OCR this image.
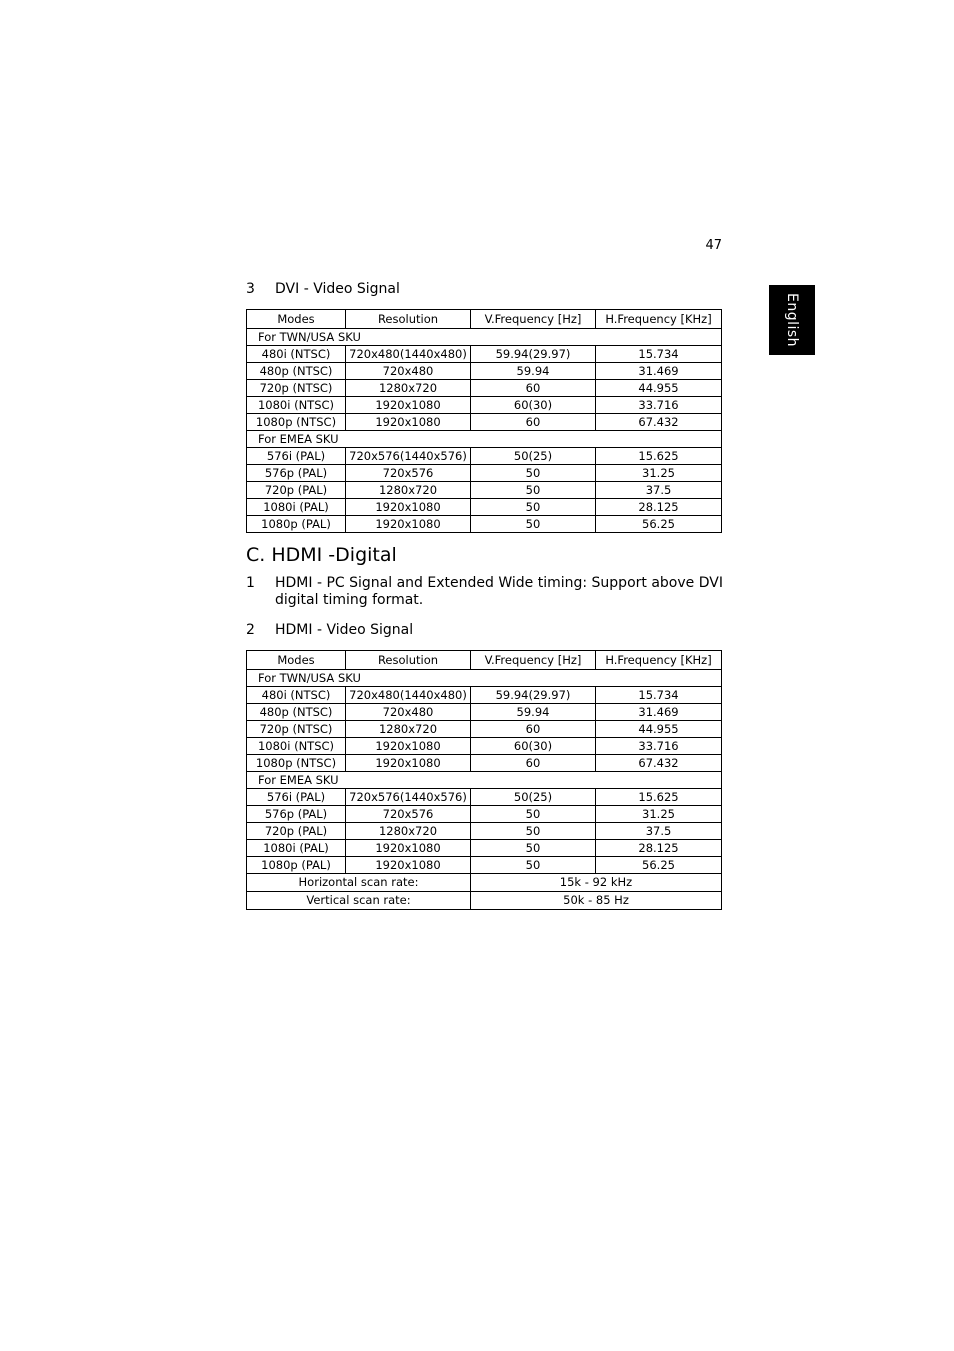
47
English
3 DVI - Video Signal
Modes	Resolution	V.Frequency [Hz]	H.Frequency [KHz]
For TWN/USA SKU			
480i (NTSC)	720x480(1440x480)	59.94(29.97)	15.734
480p (NTSC)	720x480	59.94	31.469
720p (NTSC)	1280x720	60	44.955
1080i (NTSC)	1920x1080	60(30)	33.716
1080p (NTSC)	1920x1080	60	67.432
For EMEA SKU			
576i (PAL)	720x576(1440x576)	50(25)	15.625
576p (PAL)	720x576	50	31.25
720p (PAL)	1280x720	50	37.5
1080i (PAL)	1920x1080	50	28.125
1080p (PAL)	1920x1080	50	56.25
C. HDMI -Digital
1 HDMI - PC Signal and Extended Wide timing: Support above DVI digital timing format.
2 HDMI - Video Signal
Modes	Resolution	V.Frequency [Hz]	H.Frequency [KHz]
For TWN/USA SKU			
480i (NTSC)	720x480(1440x480)	59.94(29.97)	15.734
480p (NTSC)	720x480	59.94	31.469
720p (NTSC)	1280x720	60	44.955
1080i (NTSC)	1920x1080	60(30)	33.716
1080p (NTSC)	1920x1080	60	67.432
For EMEA SKU			
576i (PAL)	720x576(1440x576)	50(25)	15.625
576p (PAL)	720x576	50	31.25
720p (PAL)	1280x720	50	37.5
1080i (PAL)	1920x1080	50	28.125
1080p (PAL)	1920x1080	50	56.25
Horizontal scan rate:		15k - 92 kHz	
Vertical scan rate:		50k - 85 Hz	
